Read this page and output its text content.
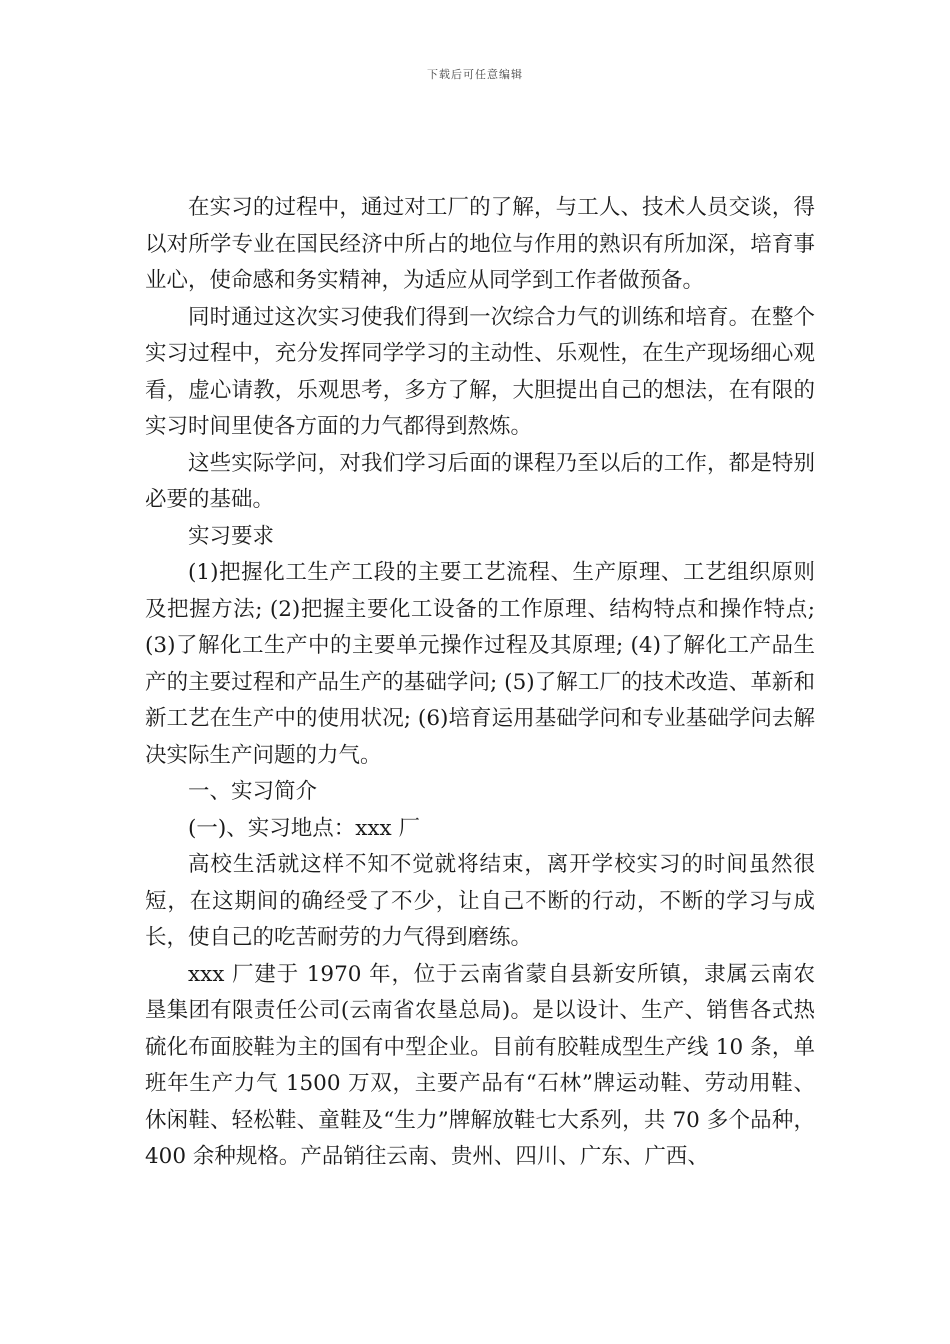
下载后可任意编辑

在实习的过程中，通过对工厂的了解，与工人、技术人员交谈，得以对所学专业在国民经济中所占的地位与作用的熟识有所加深，培育事业心，使命感和务实精神，为适应从同学到工作者做预备。

同时通过这次实习使我们得到一次综合力气的训练和培育。在整个实习过程中，充分发挥同学学习的主动性、乐观性，在生产现场细心观看，虚心请教，乐观思考，多方了解，大胆提出自己的想法，在有限的实习时间里使各方面的力气都得到熬炼。

这些实际学问，对我们学习后面的课程乃至以后的工作，都是特别必要的基础。

实习要求

(1)把握化工生产工段的主要工艺流程、生产原理、工艺组织原则及把握方法; (2)把握主要化工设备的工作原理、结构特点和操作特点; (3)了解化工生产中的主要单元操作过程及其原理; (4)了解化工产品生产的主要过程和产品生产的基础学问; (5)了解工厂的技术改造、革新和新工艺在生产中的使用状况; (6)培育运用基础学问和专业基础学问去解决实际生产问题的力气。

一、实习简介

(一)、实习地点：xxx 厂

高校生活就这样不知不觉就将结束，离开学校实习的时间虽然很短，在这期间的确经受了不少，让自己不断的行动，不断的学习与成长，使自己的吃苦耐劳的力气得到磨练。

xxx 厂建于 1970 年，位于云南省蒙自县新安所镇，隶属云南农垦集团有限责任公司(云南省农垦总局)。是以设计、生产、销售各式热硫化布面胶鞋为主的国有中型企业。目前有胶鞋成型生产线 10 条，单班年生产力气 1500 万双，主要产品有“石林”牌运动鞋、劳动用鞋、休闲鞋、轻松鞋、童鞋及“生力”牌解放鞋七大系列，共 70 多个品种，400 余种规格。产品销往云南、贵州、四川、广东、广西、
